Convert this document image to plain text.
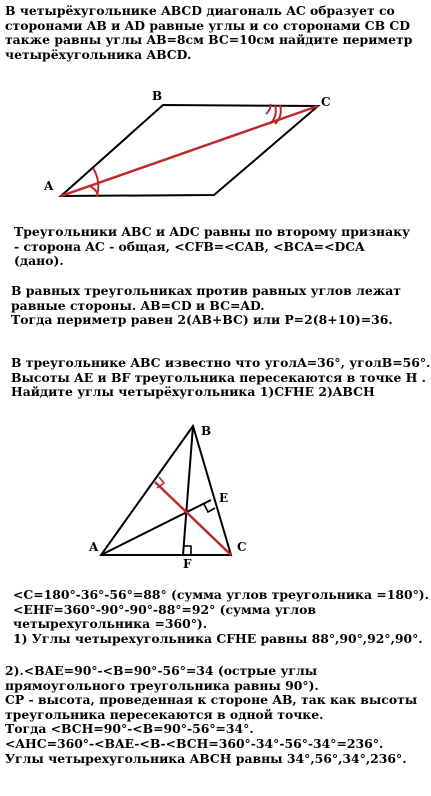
В четырёхугольнике ABCD диагональ AC образует со
сторонами AB и AD равные углы и со сторонами CB CD
также равны углы AB=8см BC=10см найдите периметр
четырёхугольника ABCD.
A
B	C
Треугольники ABC и ADC равны по второму признаку
- сторона AC - общая, <CFB=<CAB, <BCA=<DCA
(дано).
В равных треугольниках против равных углов лежат
равные стороны. AB=CD и BC=AD.
Тогда периметр равен 2(AB+BC) или P=2(8+10)=36.
В треугольнике ABC известно что уголA=36°, уголB=56°.
Высоты AE и BF треугольника пересекаются в точке H .
Найдите углы четырёхугольника 1)CFHE 2)ABCH
A
B
C
E
F
<C=180°-36°-56°=88° (сумма углов треугольника =180°).
<EHF=360°-90°-90°-88°=92° (сумма углов
четырехугольника =360°).
1) Углы четырехугольника CFHE равны 88°,90°,92°,90°.
2).<BAE=90°-<B=90°-56°=34 (острые углы
прямоугольного треугольника равны 90°).
CP - высота, проведенная к стороне AB, так как высоты
треугольника пересекаются в одной точке.
Тогда <BCH=90°-<B=90°-56°=34°.
<AHC=360°-<BAE-<B-<BCH=360°-34°-56°-34°=236°.
Углы четырехугольника ABCH равны 34°,56°,34°,236°.
